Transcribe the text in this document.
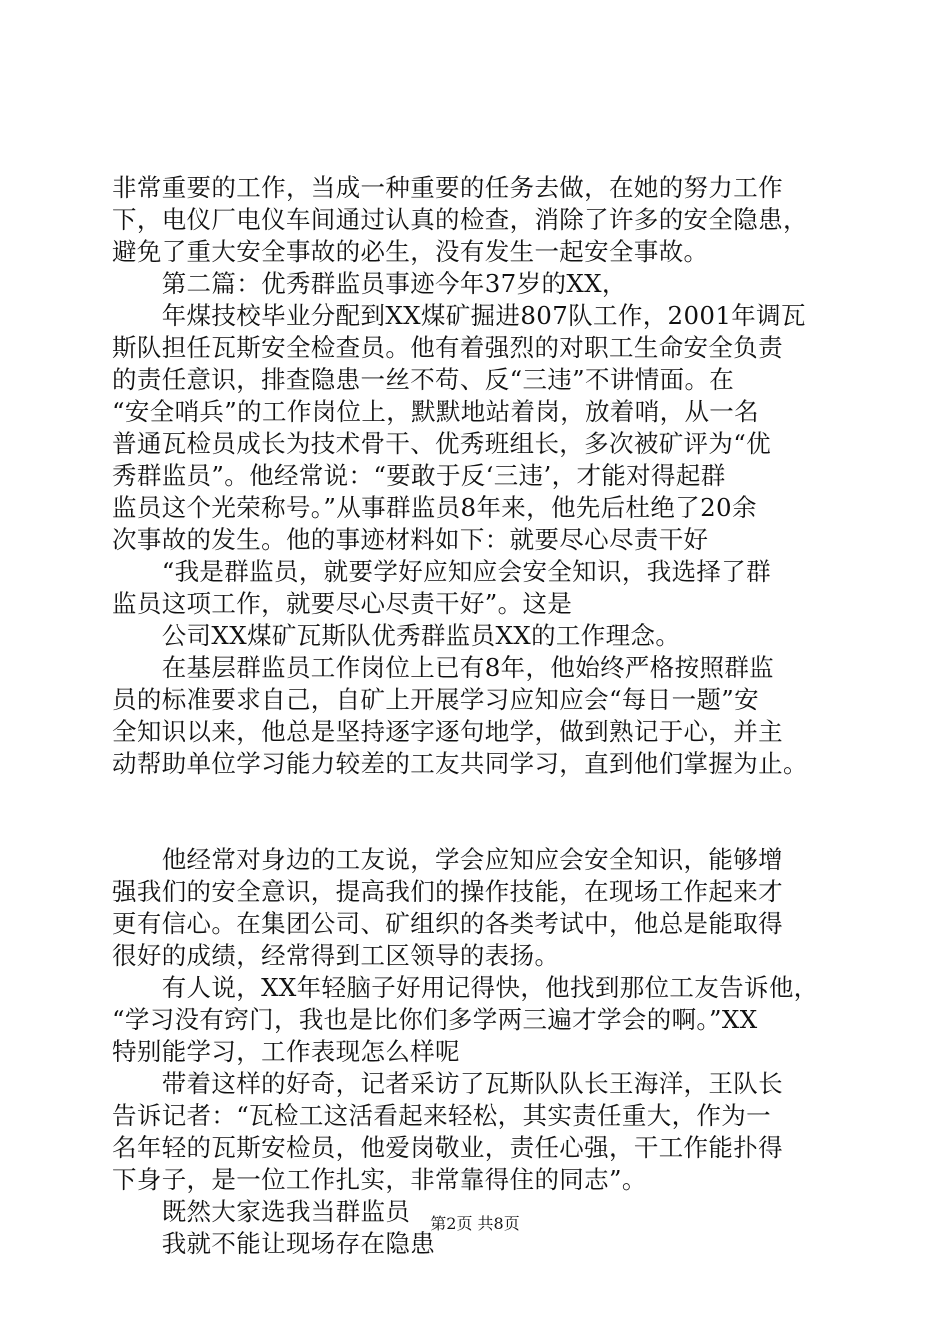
非常重要的工作，当成一种重要的任务去做，在她的努力工作
下，电仪厂电仪车间通过认真的检查，消除了许多的安全隐患，
避免了重大安全事故的必生，没有发生一起安全事故。
　　第二篇：优秀群监员事迹今年37岁的XX，
　　年煤技校毕业分配到XX煤矿掘进807队工作，2001年调瓦
斯队担任瓦斯安全检查员。他有着强烈的对职工生命安全负责
的责任意识，排查隐患一丝不苟、反“三违”不讲情面。在
“安全哨兵”的工作岗位上，默默地站着岗，放着哨，从一名
普通瓦检员成长为技术骨干、优秀班组长，多次被矿评为“优
秀群监员”。他经常说：“要敢于反‘三违’，才能对得起群
监员这个光荣称号。”从事群监员8年来，他先后杜绝了20余
次事故的发生。他的事迹材料如下：就要尽心尽责干好
　　“我是群监员，就要学好应知应会安全知识，我选择了群
监员这项工作，就要尽心尽责干好”。这是
　　公司XX煤矿瓦斯队优秀群监员XX的工作理念。
　　在基层群监员工作岗位上已有8年，他始终严格按照群监
员的标准要求自己，自矿上开展学习应知应会“每日一题”安
全知识以来，他总是坚持逐字逐句地学，做到熟记于心，并主
动帮助单位学习能力较差的工友共同学习，直到他们掌握为止。
　　他经常对身边的工友说，学会应知应会安全知识，能够增
强我们的安全意识，提高我们的操作技能，在现场工作起来才
更有信心。在集团公司、矿组织的各类考试中，他总是能取得
很好的成绩，经常得到工区领导的表扬。
　　有人说，XX年轻脑子好用记得快，他找到那位工友告诉他，
“学习没有窍门，我也是比你们多学两三遍才学会的啊。”XX
特别能学习，工作表现怎么样呢
　　带着这样的好奇，记者采访了瓦斯队队长王海洋，王队长
告诉记者：“瓦检工这活看起来轻松，其实责任重大，作为一
名年轻的瓦斯安检员，他爱岗敬业，责任心强，干工作能扑得
下身子，是一位工作扎实，非常靠得住的同志”。
　　既然大家选我当群监员
　　我就不能让现场存在隐患
第2页 共8页
